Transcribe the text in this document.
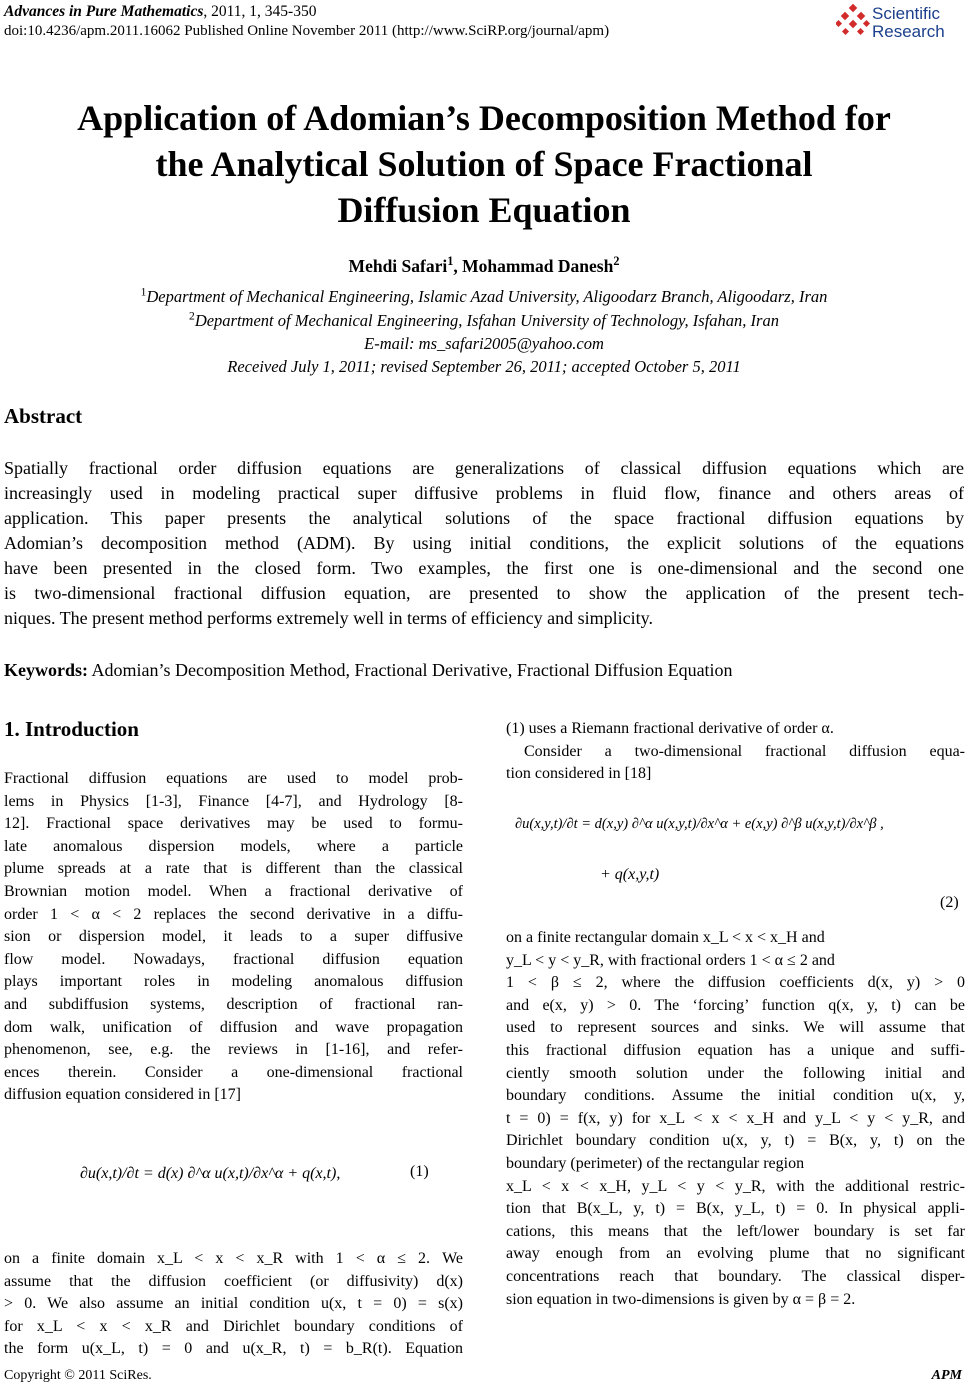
Advances in Pure Mathematics, 2011, 1, 345-350
doi:10.4236/apm.2011.16062 Published Online November 2011 (http://www.SciRP.org/journal/apm)
Scientific
Research
Application of Adomian’s Decomposition Method for
the Analytical Solution of Space Fractional
Diffusion Equation
Mehdi Safari$^1$, Mohammad Danesh$^2$
$^1$Department of Mechanical Engineering, Islamic Azad University, Aligoodarz Branch, Aligoodarz, Iran
$^2$Department of Mechanical Engineering, Isfahan University of Technology, Isfahan, Iran
E-mail: ms_safari2005@yahoo.com
Received July 1, 2011; revised September 26, 2011; accepted October 5, 2011
Abstract
Spatially fractional order diffusion equations are generalizations of classical diffusion equations which are
increasingly used in modeling practical super diffusive problems in fluid flow, finance and others areas of
application. This paper presents the analytical solutions of the space fractional diffusion equations by
Adomian’s decomposition method (ADM). By using initial conditions, the explicit solutions of the equations
have been presented in the closed form. Two examples, the first one is one-dimensional and the second one
is two-dimensional fractional diffusion equation, are presented to show the application of the present tech-
niques. The present method performs extremely well in terms of efficiency and simplicity.
Keywords: Adomian’s Decomposition Method, Fractional Derivative, Fractional Diffusion Equation
1. Introduction
Fractional diffusion equations are used to model prob-
lems in Physics [1-3], Finance [4-7], and Hydrology [8-
12]. Fractional space derivatives may be used to formu-
late anomalous dispersion models, where a particle
plume spreads at a rate that is different than the classical
Brownian motion model. When a fractional derivative of
order 1 < α < 2 replaces the second derivative in a diffu-
sion or dispersion model, it leads to a super diffusive
flow model. Nowadays, fractional diffusion equation
plays important roles in modeling anomalous diffusion
and subdiffusion systems, description of fractional ran-
dom walk, unification of diffusion and wave propagation
phenomenon, see, e.g. the reviews in [1-16], and refer-
ences therein. Consider a one-dimensional fractional
diffusion equation considered in [17]
∂u(x,t)/∂t = d(x) ∂^α u(x,t)/∂x^α + q(x,t),	(1)
on a finite domain x_L < x < x_R with 1 < α ≤ 2. We
assume that the diffusion coefficient (or diffusivity) d(x)
> 0. We also assume an initial condition u(x, t = 0) = s(x)
for x_L < x < x_R and Dirichlet boundary conditions of
the form u(x_L, t) = 0 and u(x_R, t) = b_R(t). Equation
(1) uses a Riemann fractional derivative of order α.
Consider a two-dimensional fractional diffusion equa-
tion considered in [18]
∂u(x,y,t)/∂t = d(x,y) ∂^α u(x,y,t)/∂x^α + e(x,y) ∂^β u(x,y,t)/∂x^β ,
+ q(x,y,t)
(2)
on a finite rectangular domain x_L < x < x_H and
y_L < y < y_R, with fractional orders 1 < α ≤ 2 and
1 < β ≤ 2, where the diffusion coefficients d(x, y) > 0
and e(x, y) > 0. The ‘forcing’ function q(x, y, t) can be
used to represent sources and sinks. We will assume that
this fractional diffusion equation has a unique and suffi-
ciently smooth solution under the following initial and
boundary conditions. Assume the initial condition u(x, y,
t = 0) = f(x, y) for x_L < x < x_H and y_L < y < y_R, and
Dirichlet boundary condition u(x, y, t) = B(x, y, t) on the
boundary (perimeter) of the rectangular region
x_L < x < x_H, y_L < y < y_R, with the additional restric-
tion that B(x_L, y, t) = B(x, y_L, t) = 0. In physical appli-
cations, this means that the left/lower boundary is set far
away enough from an evolving plume that no significant
concentrations reach that boundary. The classical disper-
sion equation in two-dimensions is given by α = β = 2.
Copyright © 2011 SciRes.	APM
